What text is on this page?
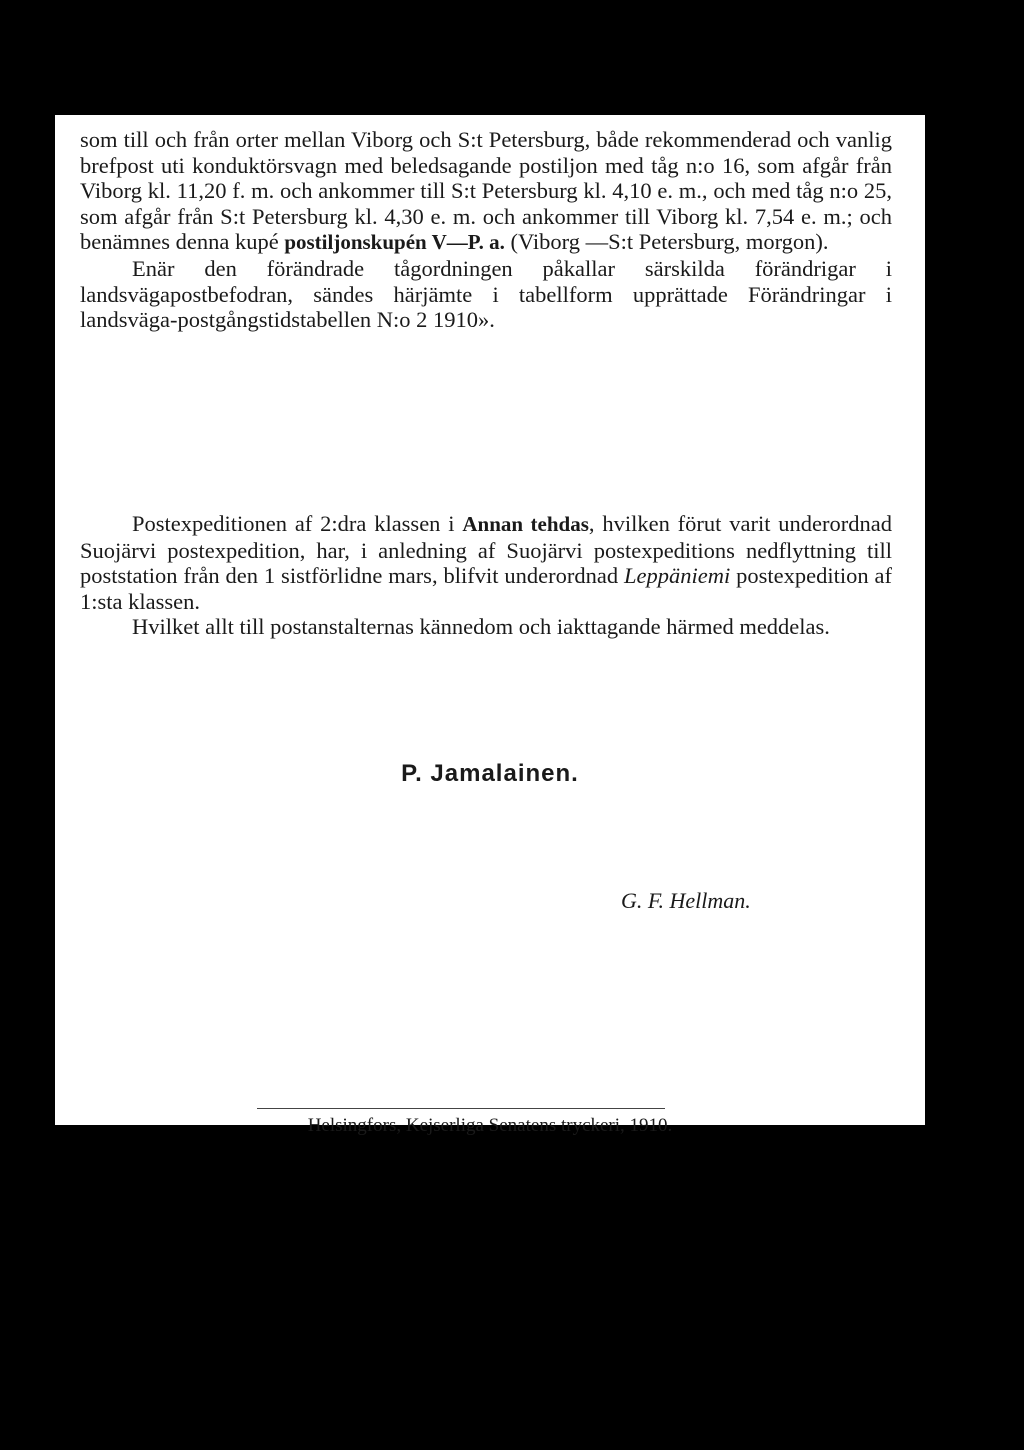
som till och från orter mellan Viborg och S:t Petersburg, både rekommenderad och vanlig brefpost uti konduktörsvagn med beledsagande postiljon med tåg n:o 16, som afgår från Viborg kl. 11,20 f. m. och ankommer till S:t Petersburg kl. 4,10 e. m., och med tåg n:o 25, som afgår från S:t Petersburg kl. 4,30 e. m. och ankommer till Viborg kl. 7,54 e. m.; och benämnes denna kupé postiljonskupén V—P. a. (Viborg —S:t Petersburg, morgon).
Enär den förändrade tågordningen påkallar särskilda förändrigar i landsvägapostbefodran, sändes härjämte i tabellform upprättade Förändringar i landsväga-postgångstidstabellen N:o 2 1910».
Postexpeditionen af 2:dra klassen i Annan tehdas, hvilken förut varit underordnad Suojärvi postexpedition, har, i anledning af Suojärvi postexpeditions nedflyttning till poststation från den 1 sistförlidne mars, blifvit underordnad Leppäniemi postexpedition af 1:sta klassen.
Hvilket allt till postanstalternas kännedom och iakttagande härmed meddelas.

P. Jamalainen.

G. F. Hellman.

Helsingfors, Kejserliga Senatens tryckeri, 1910.
